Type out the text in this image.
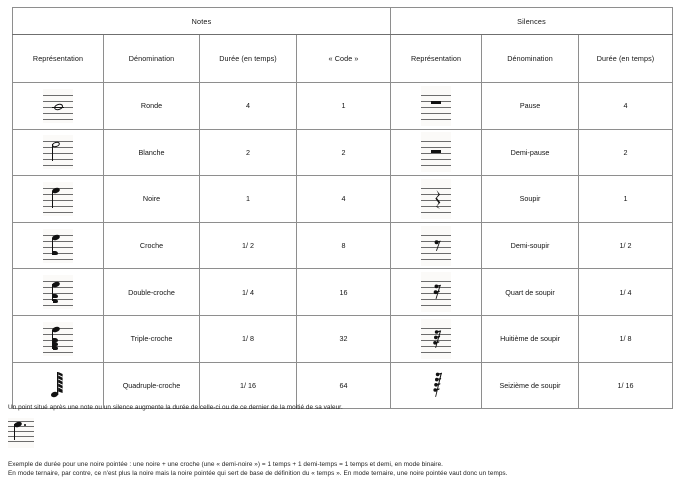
Notes				Silences		
Représentation	Dénomination	Durée (en temps)	« Code »	Représentation	Dénomination	Durée (en temps)

	Ronde	4	1		Pause	4

	Blanche	2	2		Demi-pause	2

	Noire	1	4		Soupir	1

	Croche	1/ 2	8		Demi-soupir	1/ 2

	Double-croche	1/ 4	16		Quart de soupir	1/ 4

	Triple-croche	1/ 8	32		Huitième de soupir	1/ 8

	Quadruple-croche	1/ 16	64		Seizième de soupir	1/ 16
Un point situé après une note ou un silence augmente la durée de celle-ci ou de ce dernier de la moitié de sa valeur.
Exemple de durée pour une noire pointée : une noire + une croche (une « demi-noire ») = 1 temps + 1 demi-temps = 1 temps et demi, en mode binaire.
En mode ternaire, par contre, ce n'est plus la noire mais la noire pointée qui sert de base de définition du « temps ». En mode ternaire, une noire pointée vaut donc un temps.
